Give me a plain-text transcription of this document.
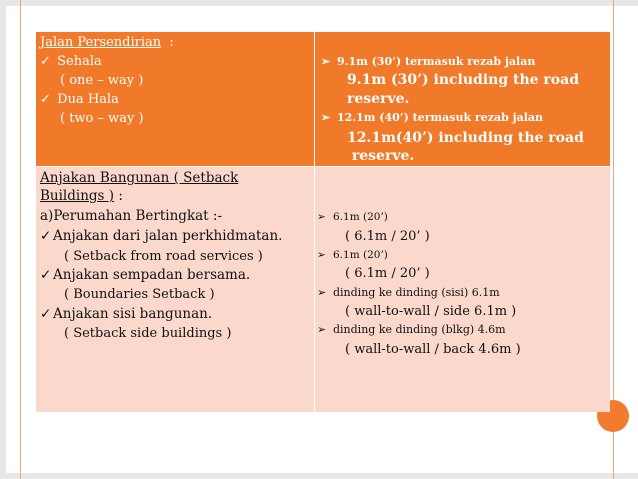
Jalan Persendirian  :
✓ Sehala
( one – way )
✓ Dua Hala
( two – way )
➢ 9.1m (30’) termasuk rezab jalan
9.1m (30’) including the road
reserve.
➢ 12.1m (40’) termasuk rezab jalan
12.1m(40’) including the road
reserve.
Anjakan Bangunan ( Setback
Buildings ) :
a)Perumahan Bertingkat :-
✓ Anjakan dari jalan perkhidmatan.
( Setback from road services )
✓ Anjakan sempadan bersama.
( Boundaries Setback )
✓ Anjakan sisi bangunan.
( Setback side buildings )
➢ 6.1m (20’)
( 6.1m / 20’ )
➢ 6.1m (20’)
( 6.1m / 20’ )
➢ dinding ke dinding (sisi) 6.1m
( wall-to-wall / side 6.1m )
➢ dinding ke dinding (blkg) 4.6m
( wall-to-wall / back 4.6m )
